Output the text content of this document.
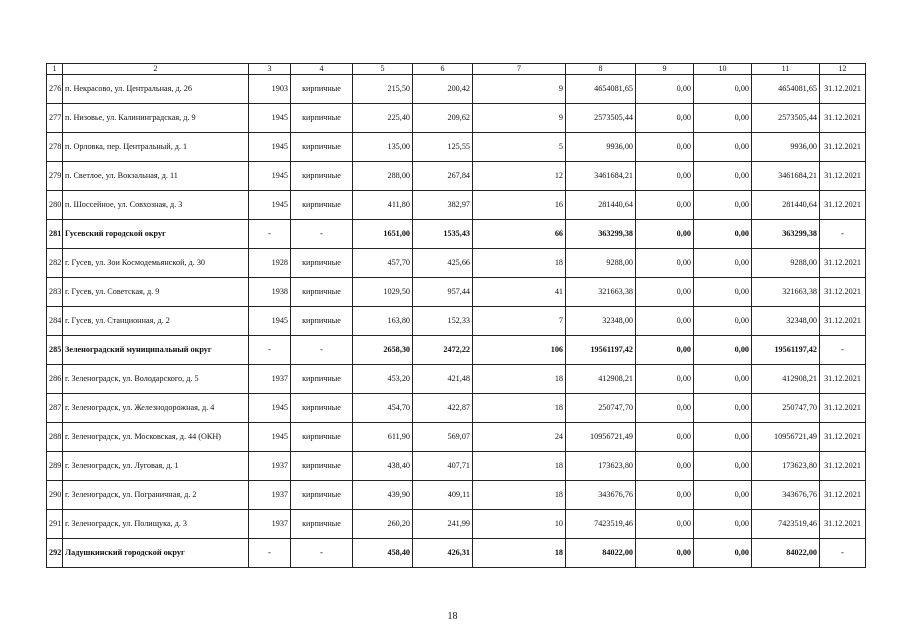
1	2	3	4	5	6	7	8	9	10	11	12
276	п. Некрасово, ул. Центральная, д. 26	1903	кирпичные	215,50	200,42	9	4654081,65	0,00	0,00	4654081,65	31.12.2021
277	п. Низовье, ул. Калининградская, д. 9	1945	кирпичные	225,40	209,62	9	2573505,44	0,00	0,00	2573505,44	31.12.2021
278	п. Орловка, пер. Центральный, д. 1	1945	кирпичные	135,00	125,55	5	9936,00	0,00	0,00	9936,00	31.12.2021
279	п. Светлое, ул. Вокзальная, д. 11	1945	кирпичные	288,00	267,84	12	3461684,21	0,00	0,00	3461684,21	31.12.2021
280	п. Шоссейное, ул. Совхозная, д. 3	1945	кирпичные	411,80	382,97	16	281440,64	0,00	0,00	281440,64	31.12.2021
281	Гусевский городской округ	-	-	1651,00	1535,43	66	363299,38	0,00	0,00	363299,38	-
282	г. Гусев, ул. Зои Космодемьянской, д. 30	1928	кирпичные	457,70	425,66	18	9288,00	0,00	0,00	9288,00	31.12.2021
283	г. Гусев, ул. Советская, д. 9	1938	кирпичные	1029,50	957,44	41	321663,38	0,00	0,00	321663,38	31.12.2021
284	г. Гусев, ул. Станционная, д. 2	1945	кирпичные	163,80	152,33	7	32348,00	0,00	0,00	32348,00	31.12.2021
285	Зеленоградский муниципальный округ	-	-	2658,30	2472,22	106	19561197,42	0,00	0,00	19561197,42	-
286	г. Зеленоградск, ул. Володарского, д. 5	1937	кирпичные	453,20	421,48	18	412908,21	0,00	0,00	412908,21	31.12.2021
287	г. Зеленоградск, ул. Железнодорожная, д. 4	1945	кирпичные	454,70	422,87	18	250747,70	0,00	0,00	250747,70	31.12.2021
288	г. Зеленоградск, ул. Московская, д. 44 (ОКН)	1945	кирпичные	611,90	569,07	24	10956721,49	0,00	0,00	10956721,49	31.12.2021
289	г. Зеленоградск, ул. Луговая, д. 1	1937	кирпичные	438,40	407,71	18	173623,80	0,00	0,00	173623,80	31.12.2021
290	г. Зеленоградск, ул. Пограничная, д. 2	1937	кирпичные	439,90	409,11	18	343676,76	0,00	0,00	343676,76	31.12.2021
291	г. Зеленоградск, ул. Полищука, д. 3	1937	кирпичные	260,20	241,99	10	7423519,46	0,00	0,00	7423519,46	31.12.2021
292	Ладушкинский городской округ	-	-	458,40	426,31	18	84022,00	0,00	0,00	84022,00	-
18
